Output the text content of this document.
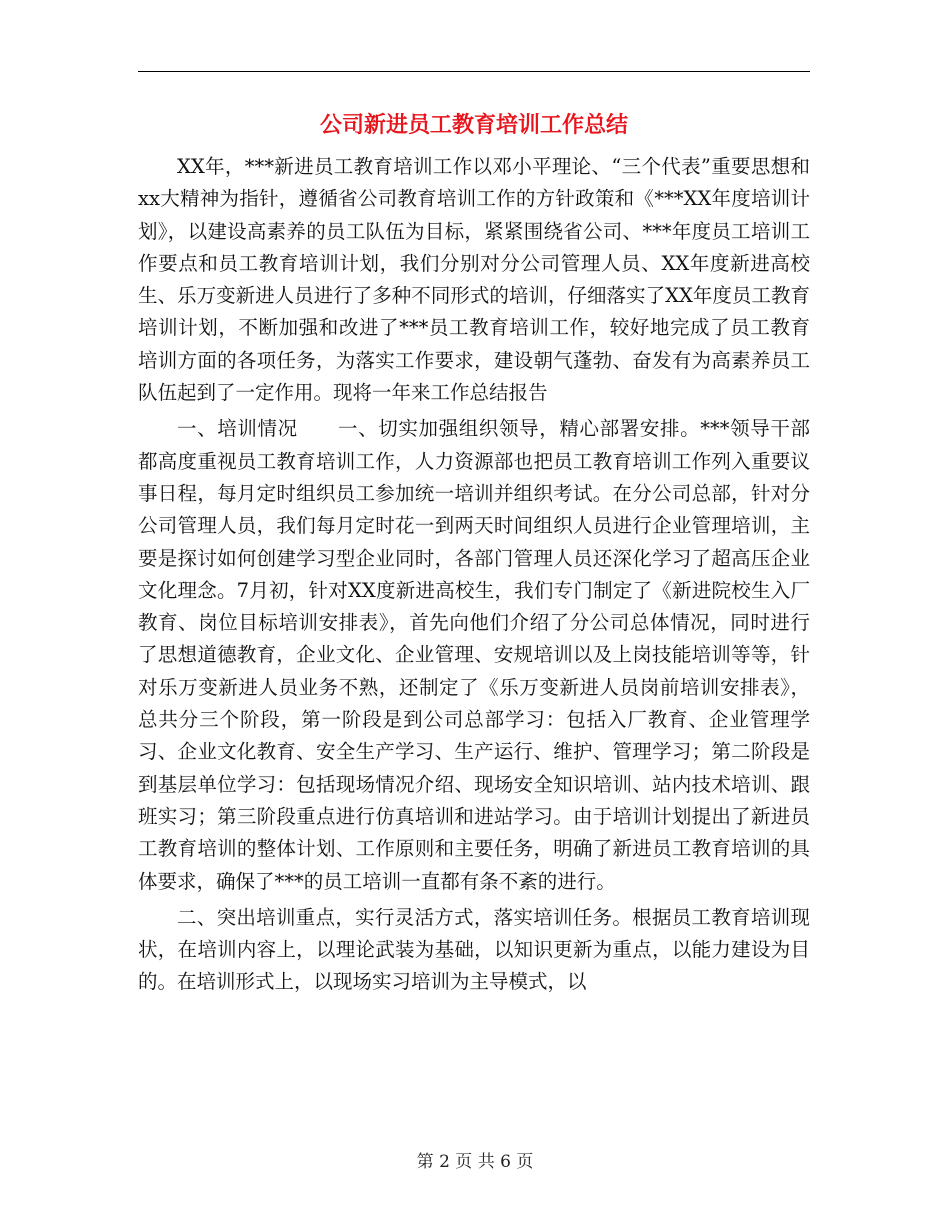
公司新进员工教育培训工作总结

XX年，***新进员工教育培训工作以邓小平理论、“三个代表”重要思想和xx大精神为指针，遵循省公司教育培训工作的方针政策和《***XX年度培训计划》，以建设高素养的员工队伍为目标，紧紧围绕省公司、***年度员工培训工作要点和员工教育培训计划，我们分别对分公司管理人员、XX年度新进高校生、乐万变新进人员进行了多种不同形式的培训，仔细落实了XX年度员工教育培训计划，不断加强和改进了***员工教育培训工作，较好地完成了员工教育培训方面的各项任务，为落实工作要求，建设朝气蓬勃、奋发有为高素养员工队伍起到了一定作用。现将一年来工作总结报告

一、培训情况　　一、切实加强组织领导，精心部署安排。***领导干部都高度重视员工教育培训工作，人力资源部也把员工教育培训工作列入重要议事日程，每月定时组织员工参加统一培训并组织考试。在分公司总部，针对分公司管理人员，我们每月定时花一到两天时间组织人员进行企业管理培训，主要是探讨如何创建学习型企业同时，各部门管理人员还深化学习了超高压企业文化理念。7月初，针对XX度新进高校生，我们专门制定了《新进院校生入厂教育、岗位目标培训安排表》，首先向他们介绍了分公司总体情况，同时进行了思想道德教育，企业文化、企业管理、安规培训以及上岗技能培训等等，针对乐万变新进人员业务不熟，还制定了《乐万变新进人员岗前培训安排表》，总共分三个阶段，第一阶段是到公司总部学习：包括入厂教育、企业管理学习、企业文化教育、安全生产学习、生产运行、维护、管理学习；第二阶段是到基层单位学习：包括现场情况介绍、现场安全知识培训、站内技术培训、跟班实习；第三阶段重点进行仿真培训和进站学习。由于培训计划提出了新进员工教育培训的整体计划、工作原则和主要任务，明确了新进员工教育培训的具体要求，确保了***的员工培训一直都有条不紊的进行。

二、突出培训重点，实行灵活方式，落实培训任务。根据员工教育培训现状，在培训内容上，以理论武装为基础，以知识更新为重点，以能力建设为目的。在培训形式上，以现场实习培训为主导模式，以

第 2 页 共 6 页
